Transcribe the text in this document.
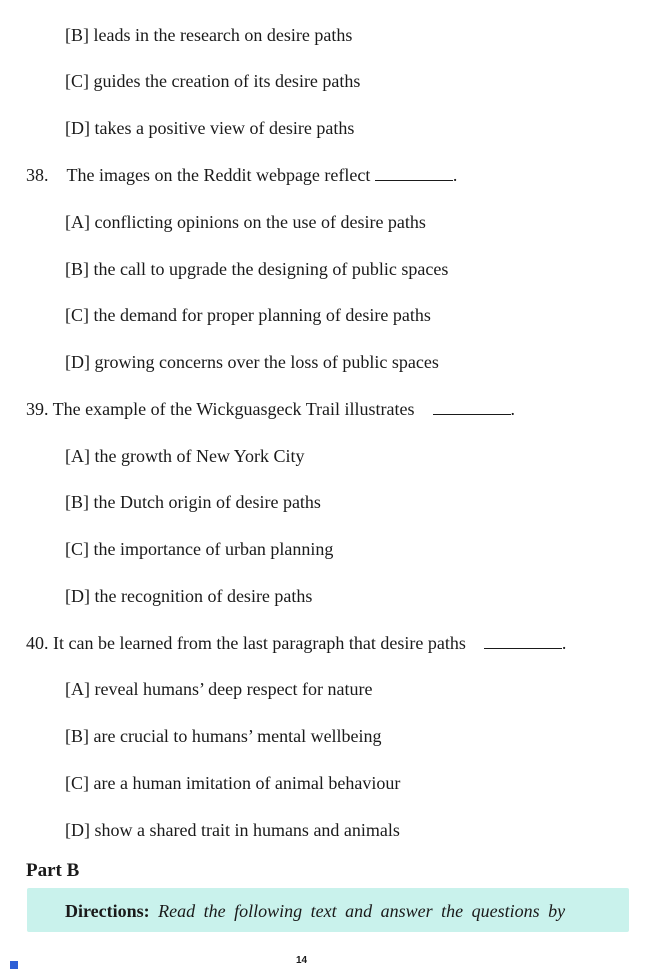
[B] leads in the research on desire paths
[C] guides the creation of its desire paths
[D] takes a positive view of desire paths
38. The images on the Reddit webpage reflect	.
[A] conflicting opinions on the use of desire paths
[B] the call to upgrade the designing of public spaces
[C] the demand for proper planning of desire paths
[D] growing concerns over the loss of public spaces
39. The example of the Wickguasgeck Trail illustrates 	.
[A] the growth of New York City
[B] the Dutch origin of desire paths
[C] the importance of urban planning
[D] the recognition of desire paths
40. It can be learned from the last paragraph that desire paths 	.
[A] reveal humans’ deep respect for nature
[B] are crucial to humans’ mental wellbeing
[C] are a human imitation of animal behaviour
[D] show a shared trait in humans and animals
Part B
Directions: Read the following text and answer the questions by
14
